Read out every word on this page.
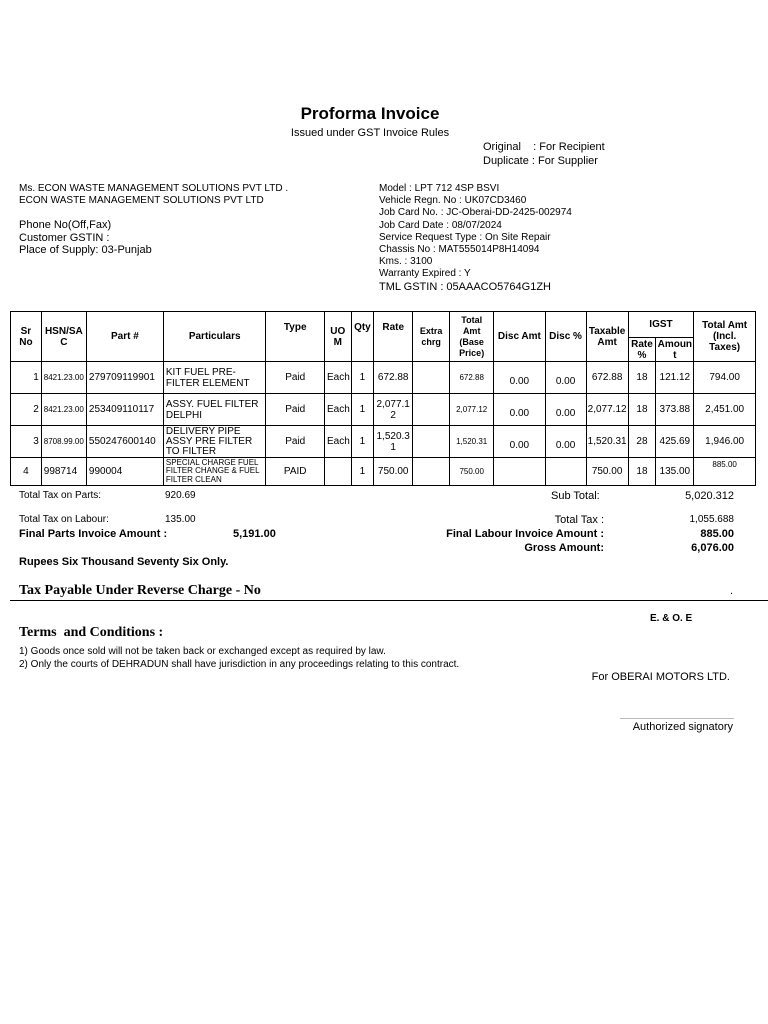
Proforma Invoice
Issued under GST Invoice Rules
Original    : For Recipient
Duplicate : For Supplier
Ms. ECON WASTE MANAGEMENT SOLUTIONS PVT LTD .
ECON WASTE MANAGEMENT SOLUTIONS PVT LTD
Phone No(Off,Fax)
Customer GSTIN :
Place of Supply: 03-Punjab
Model : LPT 712 4SP BSVI
Vehicle Regn. No : UK07CD3460
Job Card No. : JC-Oberai-DD-2425-002974
Job Card Date : 08/07/2024
Service Request Type : On Site Repair
Chassis No : MAT555014P8H14094
Kms. : 3100
Warranty Expired : Y
TML GSTIN : 05AAACO5764G1ZH
Sr No	HSN/SAC	Part #	Particulars	Type	UOM	Qty	Rate	Extra chrg	Total Amt (Base Price)	Disc Amt	Disc %	Taxable Amt	IGST		Total Amt (Incl. Taxes)
													Rate %	Amount	
1	8421.23.00	279709119901	KIT FUEL PRE-FILTER ELEMENT	Paid	Each	1	672.88		672.88	0.00	0.00	672.88	18	121.12	794.00
2	8421.23.00	253409110117	ASSY. FUEL FILTER DELPHI	Paid	Each	1	2,077.12		2,077.12	0.00	0.00	2,077.12	18	373.88	2,451.00
3	8708.99.00	550247600140	DELIVERY PIPE ASSY PRE FILTER TO FILTER	Paid	Each	1	1,520.31		1,520.31	0.00	0.00	1,520.31	28	425.69	1,946.00
4	998714	990004	SPECIAL CHARGE FUEL FILTER CHANGE & FUEL FILTER CLEAN	PAID		1	750.00		750.00			750.00	18	135.00	885.00
Total Tax on Parts:	920.69	Sub Total:	5,020.312
Total Tax on Labour:	135.00	Total Tax :	1,055.688
Final Parts Invoice Amount :	5,191.00	Final Labour Invoice Amount :	885.00
Gross Amount:	6,076.00
Rupees Six Thousand Seventy Six Only.
Tax Payable Under Reverse Charge - No	.
E. & O. E
Terms  and Conditions :
1) Goods once sold will not be taken back or exchanged except as required by law.
2) Only the courts of DEHRADUN shall have jurisdiction in any proceedings relating to this contract.
For OBERAI MOTORS LTD.
Authorized signatory
